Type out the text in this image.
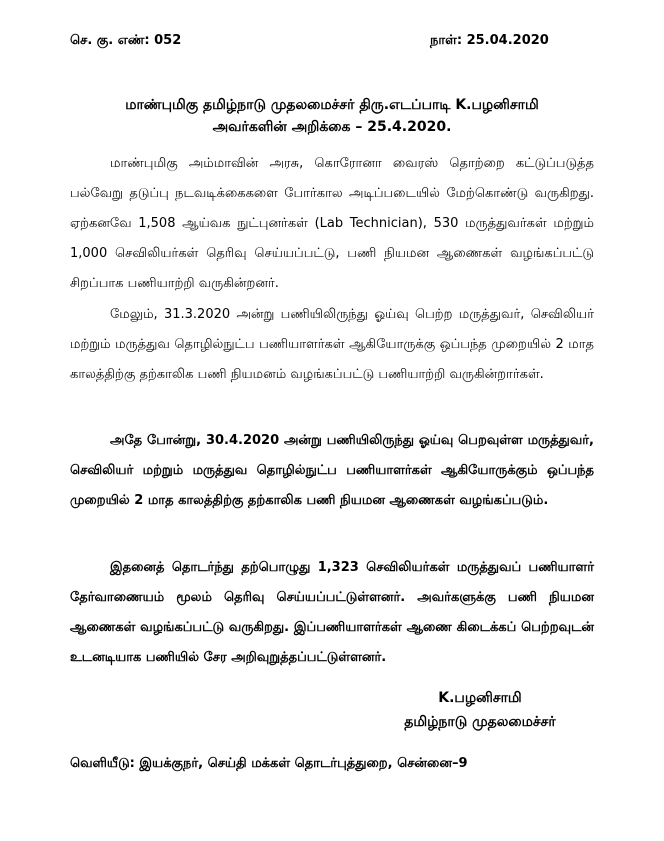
செ. கு. எண்: 052	நாள்: 25.04.2020
மாண்புமிகு தமிழ்நாடு முதலமைச்சர் திரு.எடப்பாடி K.பழனிசாமி
அவர்களின் அறிக்கை – 25.4.2020.

மாண்புமிகு அம்மாவின் அரசு, கொரோனா வைரஸ் தொற்றை கட்டுப்படுத்த பல்வேறு தடுப்பு நடவடிக்கைகளை போர்கால அடிப்படையில் மேற்கொண்டு வருகிறது. ஏற்கனவே 1,508 ஆய்வக நுட்புனர்கள் (Lab Technician), 530 மருத்துவர்கள் மற்றும் 1,000 செவிலியர்கள் தெரிவு செய்யப்பட்டு, பணி நியமன ஆணைகள் வழங்கப்பட்டு சிறப்பாக பணியாற்றி வருகின்றனர்.

மேலும், 31.3.2020 அன்று பணியிலிருந்து ஓய்வு பெற்ற மருத்துவர், செவிலியர் மற்றும் மருத்துவ தொழில்நுட்ப பணியாளர்கள் ஆகியோருக்கு ஒப்பந்த முறையில் 2 மாத காலத்திற்கு தற்காலிக பணி நியமனம் வழங்கப்பட்டு பணியாற்றி வருகின்றார்கள்.

அதே போன்று, 30.4.2020 அன்று பணியிலிருந்து ஓய்வு பெறவுள்ள மருத்துவர், செவிலியர் மற்றும் மருத்துவ தொழில்நுட்ப பணியாளர்கள் ஆகியோருக்கும் ஒப்பந்த முறையில் 2 மாத காலத்திற்கு தற்காலிக பணி நியமன ஆணைகள் வழங்கப்படும்.

இதனைத் தொடர்ந்து தற்பொழுது 1,323 செவிலியர்கள் மருத்துவப் பணியாளர் தேர்வாணையம் மூலம் தெரிவு செய்யப்பட்டுள்ளனர். அவர்களுக்கு பணி நியமன ஆணைகள் வழங்கப்பட்டு வருகிறது. இப்பணியாளர்கள் ஆணை கிடைக்கப் பெற்றவுடன் உடனடியாக பணியில் சேர அறிவுறுத்தப்பட்டுள்ளனர்.

K.பழனிசாமி
தமிழ்நாடு முதலமைச்சர்
வெளியீடு: இயக்குநர், செய்தி மக்கள் தொடர்புத்துறை, சென்னை–9
